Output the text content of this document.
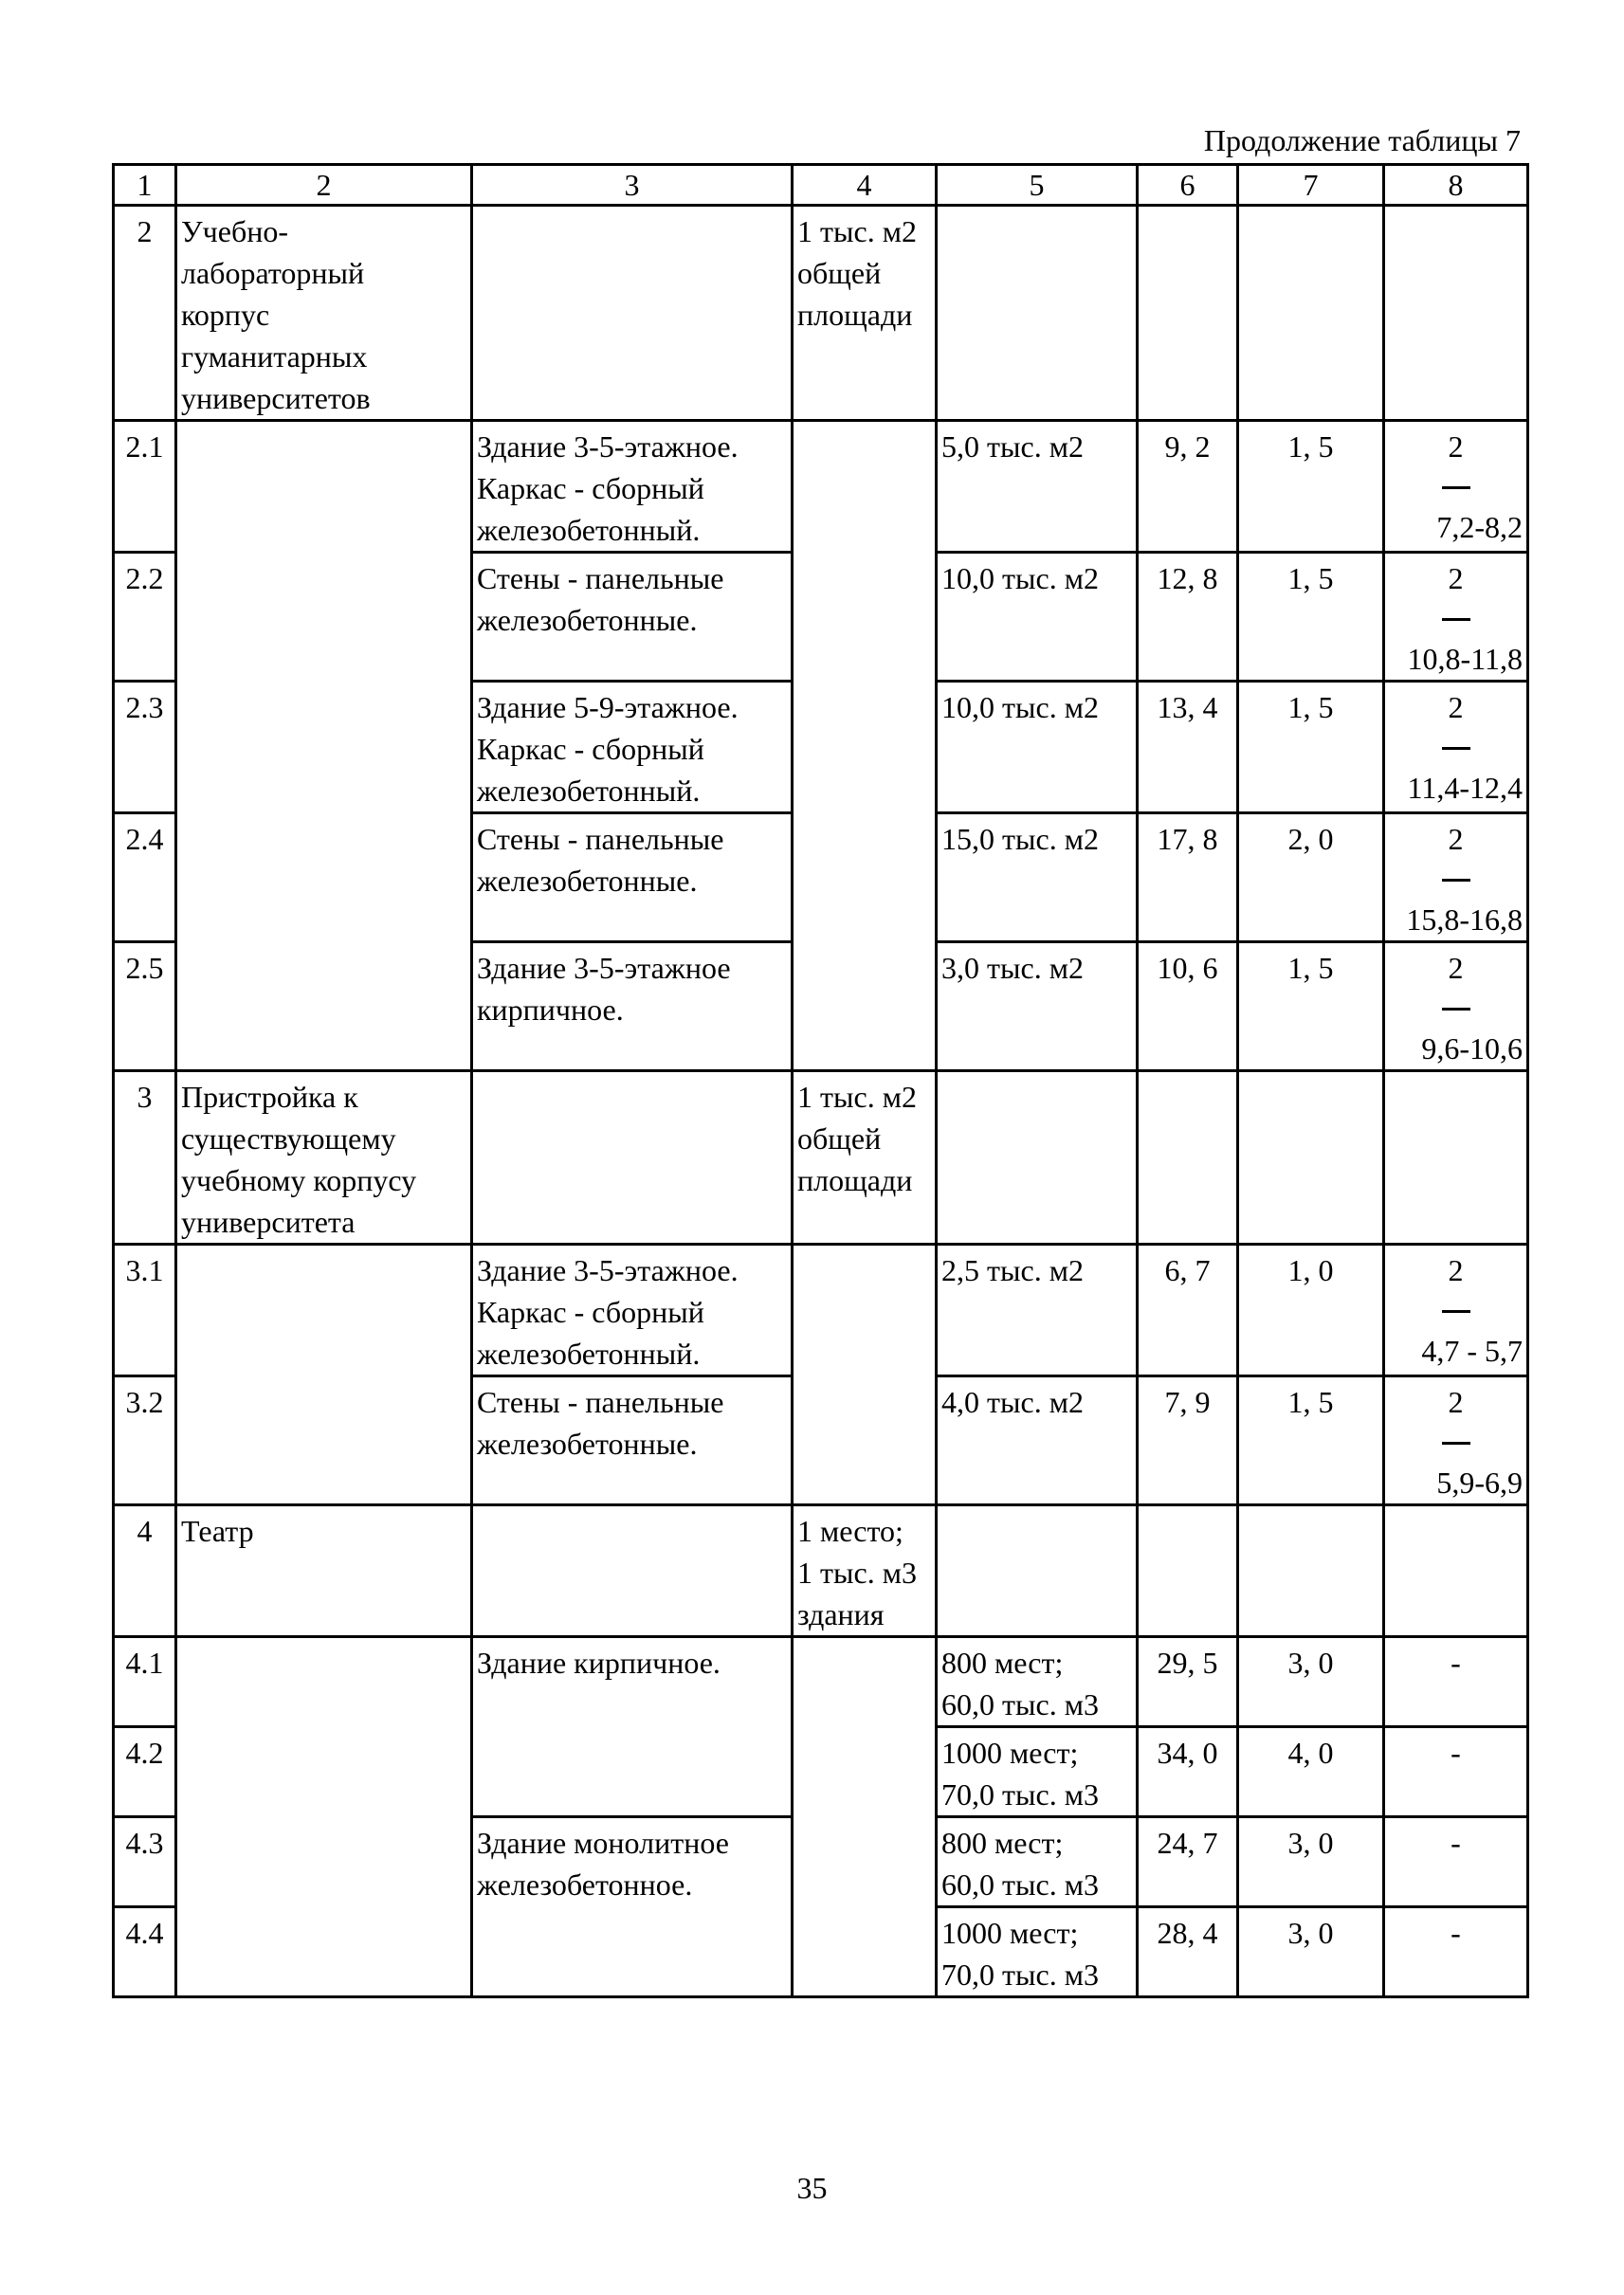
Продолжение таблицы 7
1	2	3	4	5	6	7	8
2	Учебно-
лабораторный
корпус
гуманитарных
университетов		1 тыс. м2
общей
площади				

2.1		Здание 3-5-этажное.
Каркас - сборный
железобетонный.		5,0 тыс. м2	9, 2	1, 5	2
7,2-8,2

2.2		Стены - панельные
железобетонные.		10,0 тыс. м2	12, 8	1, 5	2
10,8-11,8

2.3		Здание 5-9-этажное.
Каркас - сборный
железобетонный.		10,0 тыс. м2	13, 4	1, 5	2
11,4-12,4

2.4		Стены - панельные
железобетонные.		15,0 тыс. м2	17, 8	2, 0	2
15,8-16,8

2.5		Здание 3-5-этажное
кирпичное.		3,0 тыс. м2	10, 6	1, 5	2
9,6-10,6

3	Пристройка к
существующему
учебному корпусу
университета		1 тыс. м2
общей
площади				

3.1		Здание 3-5-этажное.
Каркас - сборный
железобетонный.		2,5 тыс. м2	6, 7	1, 0	2
4,7 - 5,7

3.2		Стены - панельные
железобетонные.		4,0 тыс. м2	7, 9	1, 5	2
5,9-6,9

4	Театр		1 место;
1 тыс. м3
здания				

4.1		Здание кирпичное.		800 мест;
60,0 тыс. м3	29, 5	3, 0	-
4.2				1000 мест;
70,0 тыс. м3	34, 0	4, 0	-
4.3		Здание монолитное
железобетонное.		800 мест;
60,0 тыс. м3	24, 7	3, 0	-
4.4				1000 мест;
70,0 тыс. м3	28, 4	3, 0	-
35
